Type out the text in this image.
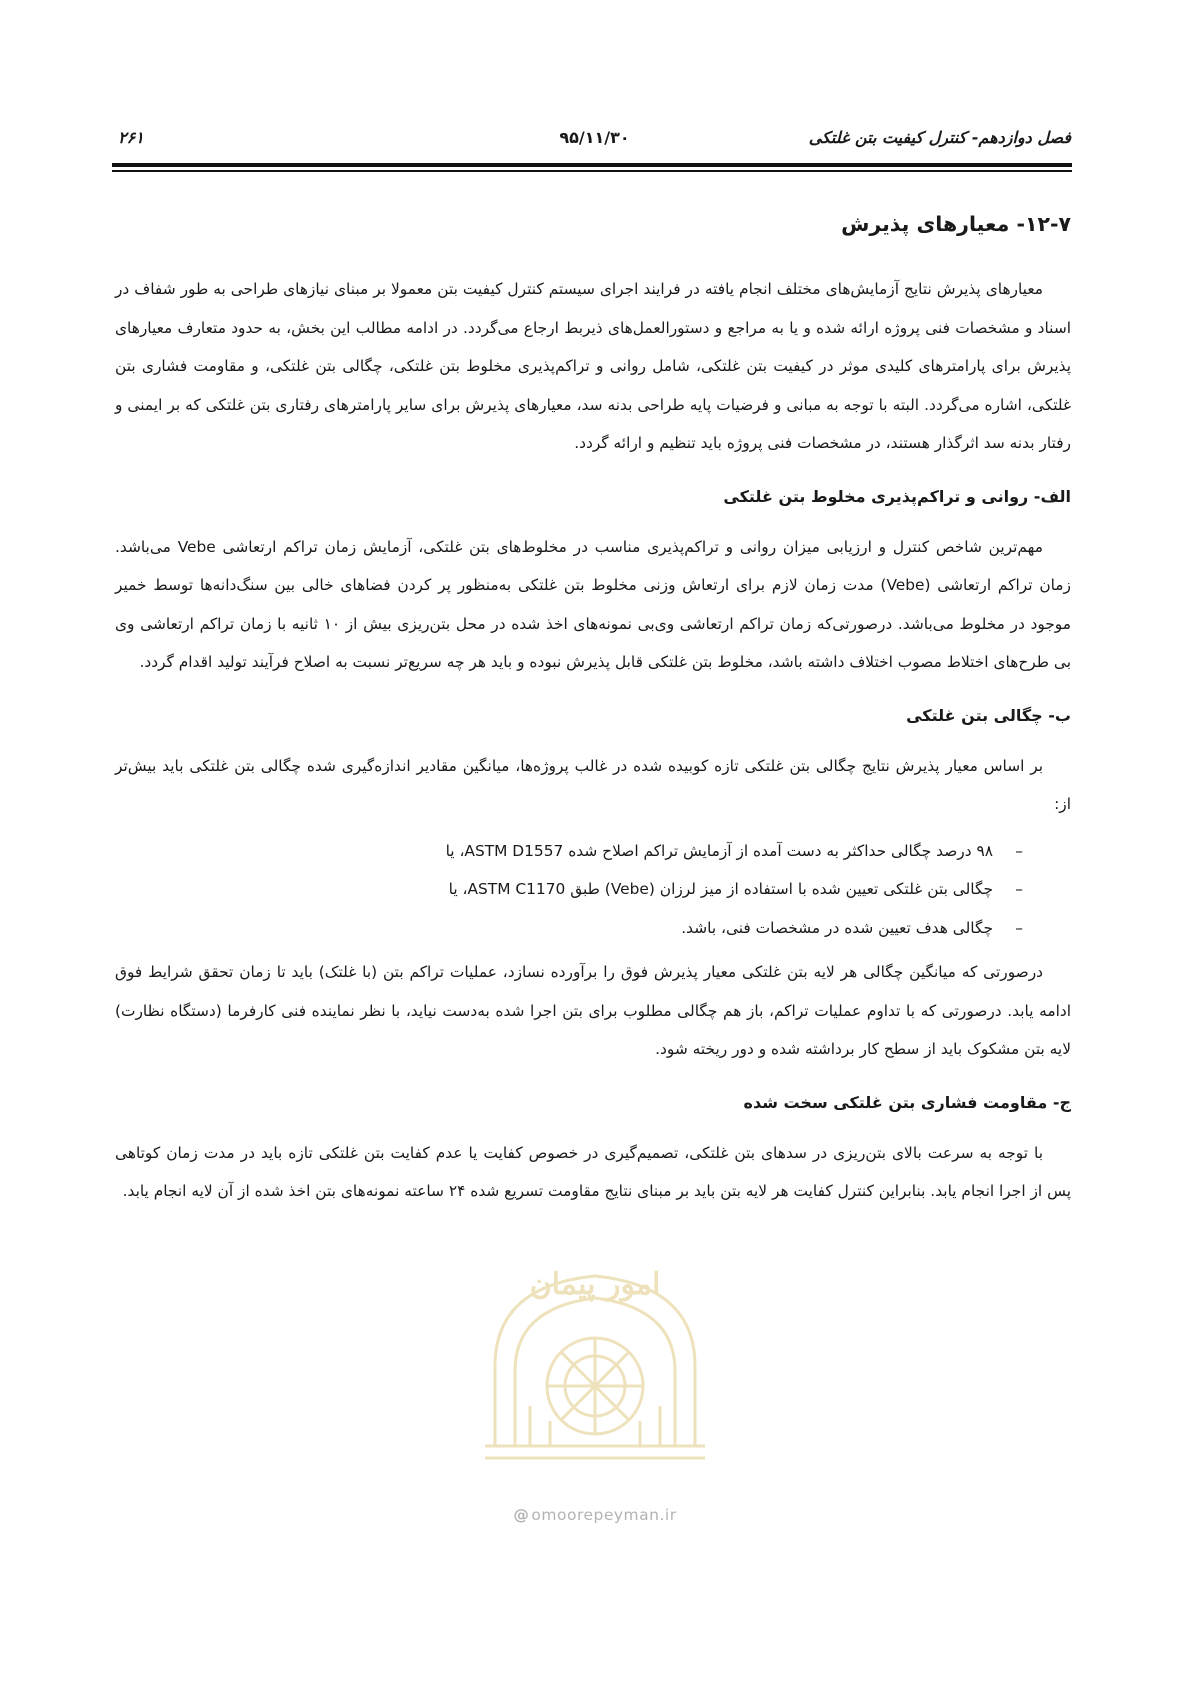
فصل دوازدهم- کنترل کیفیت بتن غلتکی
۹۵/۱۱/۳۰
۲۶۱
۱۲-۷- معیارهای پذیرش

معیارهای پذیرش نتایج آزمایش‌های مختلف انجام یافته در فرایند اجرای سیستم کنترل کیفیت بتن معمولا بر مبنای نیازهای طراحی به طور شفاف در اسناد و مشخصات فنی پروژه ارائه شده و یا به مراجع و دستورالعمل‌های ذیربط ارجاع می‌گردد. در ادامه مطالب این بخش، به حدود متعارف معیارهای پذیرش برای پارامترهای کلیدی موثر در کیفیت بتن غلتکی، شامل روانی و تراکم‌پذیری مخلوط بتن غلتکی، چگالی بتن غلتکی، و مقاومت فشاری بتن غلتکی، اشاره می‌گردد. البته با توجه به مبانی و فرضیات پایه طراحی بدنه سد، معیارهای پذیرش برای سایر پارامترهای رفتاری بتن غلتکی که بر ایمنی و رفتار بدنه سد اثرگذار هستند، در مشخصات فنی پروژه باید تنظیم و ارائه گردد.

الف- روانی و تراکم‌پذیری مخلوط بتن غلتکی

مهم‌ترین شاخص کنترل و ارزیابی میزان روانی و تراکم‌پذیری مناسب در مخلوط‌های بتن غلتکی، آزمایش زمان تراکم ارتعاشی Vebe می‌باشد. زمان تراکم ارتعاشی (Vebe) مدت زمان لازم برای ارتعاش وزنی مخلوط بتن غلتکی به‌منظور پر کردن فضاهای خالی بین سنگ‌دانه‌ها توسط خمیر موجود در مخلوط می‌باشد. درصورتی‌که زمان تراکم ارتعاشی وی‌بی نمونه‌های اخذ شده در محل بتن‌ریزی بیش از ۱۰ ثانیه با زمان تراکم ارتعاشی وی بی طرح‌های اختلاط مصوب اختلاف داشته باشد، مخلوط بتن غلتکی قابل پذیرش نبوده و باید هر چه سریع‌تر نسبت به اصلاح فرآیند تولید اقدام گردد.

ب- چگالی بتن غلتکی

بر اساس معیار پذیرش نتایج چگالی بتن غلتکی تازه کوبیده شده در غالب پروژه‌ها، میانگین مقادیر اندازه‌گیری شده چگالی بتن غلتکی باید بیش‌تر از:

–
۹۸ درصد چگالی حداکثر به دست آمده از آزمایش تراکم اصلاح شده ASTM D1557، یا
–
چگالی بتن غلتکی تعیین شده با استفاده از میز لرزان (Vebe) طبق ASTM C1170، یا
–
چگالی هدف تعیین شده در مشخصات فنی، باشد.

درصورتی که میانگین چگالی هر لایه بتن غلتکی معیار پذیرش فوق را برآورده نسازد، عملیات تراکم بتن (با غلتک) باید تا زمان تحقق شرایط فوق ادامه یابد. درصورتی که با تداوم عملیات تراکم، باز هم چگالی مطلوب برای بتن اجرا شده به‌دست نیاید، با نظر نماینده فنی کارفرما (دستگاه نظارت) لایه بتن مشکوک باید از سطح کار برداشته شده و دور ریخته شود.

ج- مقاومت فشاری بتن غلتکی سخت شده

با توجه به سرعت بالای بتن‌ریزی در سدهای بتن غلتکی، تصمیم‌گیری در خصوص کفایت یا عدم کفایت بتن غلتکی تازه باید در مدت زمان کوتاهی پس از اجرا انجام یابد. بنابراین کنترل کفایت هر لایه بتن باید بر مبنای نتایج مقاومت تسریع شده ۲۴ ساعته نمونه‌های بتن اخذ شده از آن لایه انجام یابد.

امور پیمان
@ omoorepeyman.ir
